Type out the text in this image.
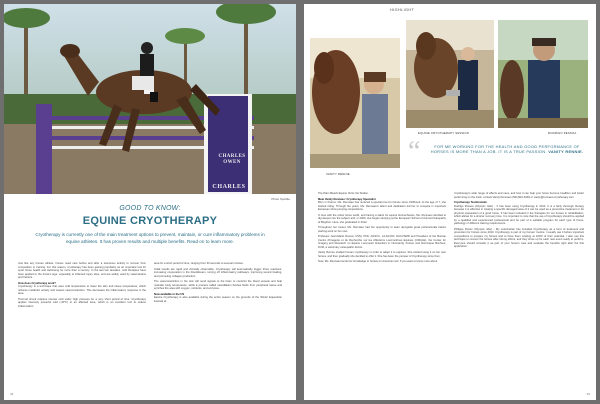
CHARLES OWEN
CHARLES
Photo Spotlite
GOOD TO KNOW:
EQUINE CRYOTHERAPY
Cryotherapy is currently one of the main treatment options to prevent, maintain, or cure inflammatory problems in equine athletes. It has proven results and multiple benefits. Read on to learn more.

Just like any human athlete, horses need care before and after a strenuous activity to recover from competition or training. For this reason, cryotherapy has been gaining popularity as an important tool for sport horse health and well-being for more than a century. In the last two decades, cold therapies have been applied to the horse's legs, especially to inflamed injury sites, and are widely used by veterinarians and trainers.

How does Cryotherapy work?

Cryotherapy is a technique that uses cold temperature to lower the skin and tissue temperature, which reduces metabolic activity and causes vasoconstriction. This decreases the inflammatory response in the area.

Thermal shock requires intense cold under high pressure for a very short period of time. Cryotherapy applies intensely powerful cold (-30°F) to an affected area, which is an excellent tool to reduce inflammation.

area for a short period of time, ranging from 30 seconds to several minutes.

Initial results are rapid and clinically observable. Cryotherapy will automatically trigger three reactions: increasing cooperation in the bloodstream, turning off inflammatory pathways, improving wound healing, and promoting collagen production.

The vasoconstriction in the skin will send signals to the brain to constrict the blood vessels and help maintain body temperature, while a process called vasodilation flushes fluids from peripheral tissue and enriches the area with oxygen, nutrients, and enzymes.

Now available in the US

Equine Cryotherapy is also available during the entire season on the grounds of the Winter Equestrian Festival at

44
HIGHLIGHT
EQUINE CRYOTHERAPY SESSION	RODRIGO PESSOA
VANITY RENNIE
“	FOR ME WORKING FOR THE HEALTH AND GOOD PERFORMANCE OF HORSES IS MORE THAN A JOB. IT IS A TRUE PASSION. VANITY RENNIE.

The Palm Beach Equine Clinic Vet Station.

Meet Vanity Rennaeo: Cryotherapy Specialist

Born in France, Ms. Rennaeo has nurtured a special love for horses since childhood. At the age of 7, she started riding. Through the years, Ms. Rennaeo's talent and dedication led her to compete in important European show jumping competitions.

In love with the entire horse world, and having a talent for equine biomechanics, Ms. Rennaeo decided to dig deeper into the subject and, in 2009, she began studying at the European School of Animal Osteopathy at Brighton. Here, she graduated in 2012.

Throughout her career, Ms. Rennaeo had the opportunity to learn alongside great professionals before starting work on her own.

Professor Jean-Marie Denoix, DVM, PhD, AGSCC, LA-ECVDI, DACVSMR and President of the Bureau Centre d'Imagerie et de Recherche sur les Affections Locomotrices Equines (CIRALE), the Center for Imaging and Research on Equine Locomotor Disorders in Normandy, France and Dominique Bonheur, DVM, a veterinary osteopathic doctor.

Vanity Rennie studied human cryotherapy in order to adapt it to equines. She started using it on her own horses, and then gradually she decided to offer it. She has been the pioneer of Cryotherapy since then.

Now, Ms. Rennaeo lends her knowledge to horses on American soil. If you want to know more about

Cryotherapy's wide range of effects and uses, and how it can help your horse become healthier and better performing on the track, contact Vanity Rennaeo (561)910-6493 or vanity@rennaeo-cryotherapy.com

Cryotherapy Testimonials

Rodrigo Pessoa (Olympic rider) - It has been using Cryotherapy in 2014. It is a fairly thorough therapy because it is effective in treating a specific damaged area of it can be used as a preventive treatment or for physical preparation of a good horse. It has been included in the therapies for our horses in rehabilitation, which allows for a shorter recovery time. It is important to note that the use of Cryotherapy should be applied by a qualified and experienced professional and be part of a suitable program for each type of horse, pathology or different training requirements.

Philippe Rozier (Olympic rider) - My veterinarian has included Cryotherapy as a form of treatment and prevention for horses since 2013. Cryotherapy is part of my horses' routine. I usually use it before important competitions to prepare my horses and to have them working at 100% of their potential. I also use this technique to recover the horses after strong efforts, and they show up for each new event ready to perform. Everyone should consider it as part of your horse's care and evaluate the benefits right after the first application.

45
